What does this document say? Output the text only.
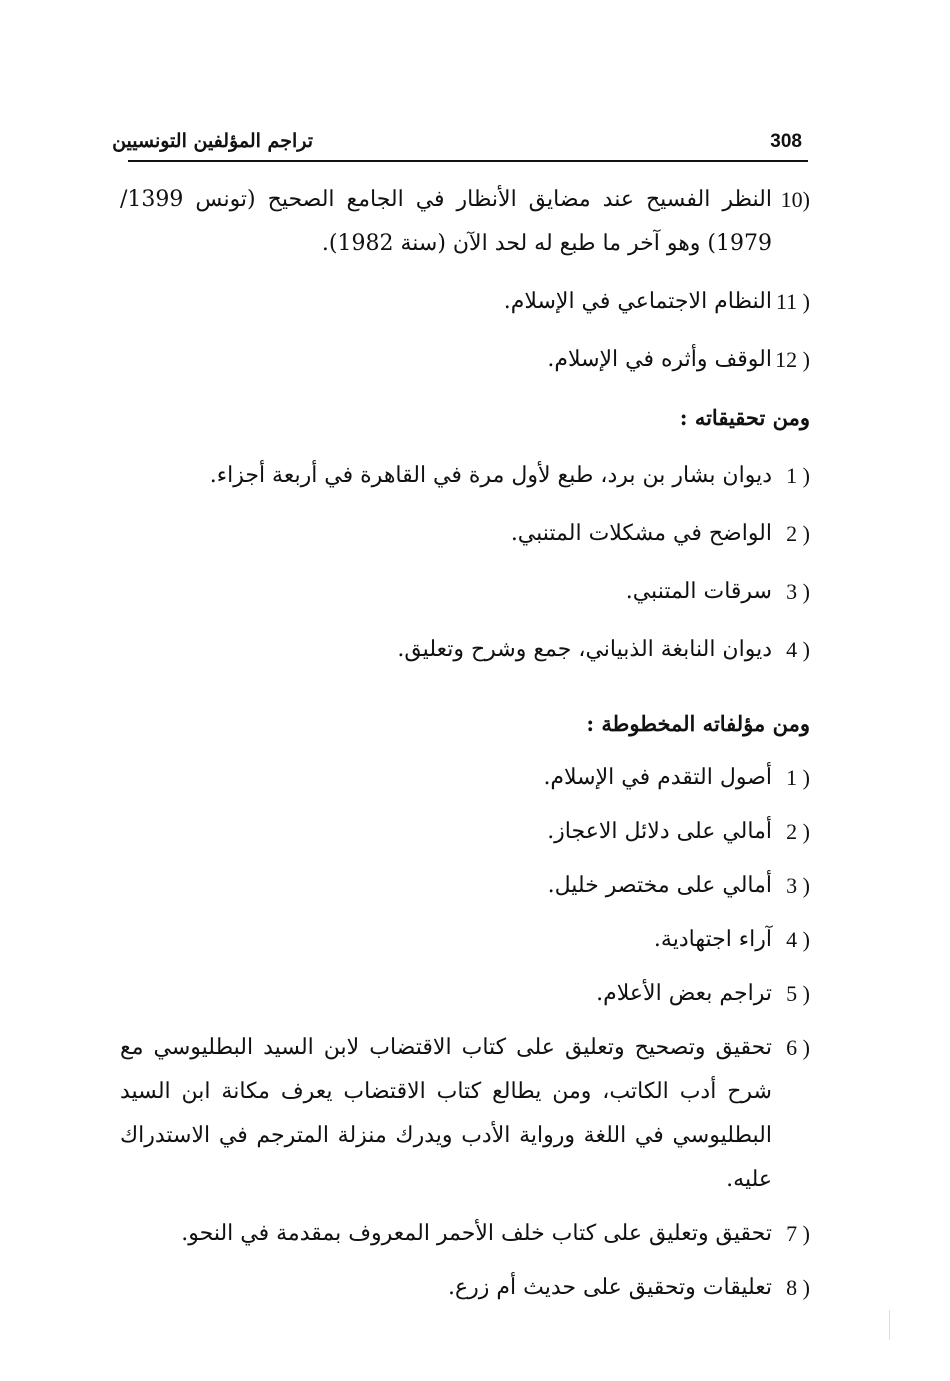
تراجم المؤلفين التونسيين	308
10)
النظر الفسيح عند مضايق الأنظار في الجامع الصحيح (تونس 1399/ 1979) وهو آخر ما طبع له لحد الآن (سنة 1982).
11 )
النظام الاجتماعي في الإسلام.
12 )
الوقف وأثره في الإسلام.
ومن تحقيقاته :
1 )
ديوان بشار بن برد، طبع لأول مرة في القاهرة في أربعة أجزاء.
2 )
الواضح في مشكلات المتنبي.
3 )
سرقات المتنبي.
4 )
ديوان النابغة الذبياني، جمع وشرح وتعليق.
ومن مؤلفاته المخطوطة :
1 )
أصول التقدم في الإسلام.
2 )
أمالي على دلائل الاعجاز.
3 )
أمالي على مختصر خليل.
4 )
آراء اجتهادية.
5 )
تراجم بعض الأعلام.
6 )
تحقيق وتصحيح وتعليق على كتاب الاقتضاب لابن السيد البطليوسي مع شرح أدب الكاتب، ومن يطالع كتاب الاقتضاب يعرف مكانة ابن السيد البطليوسي في اللغة ورواية الأدب ويدرك منزلة المترجم في الاستدراك عليه.
7 )
تحقيق وتعليق على كتاب خلف الأحمر المعروف بمقدمة في النحو.
8 )
تعليقات وتحقيق على حديث أم زرع.
